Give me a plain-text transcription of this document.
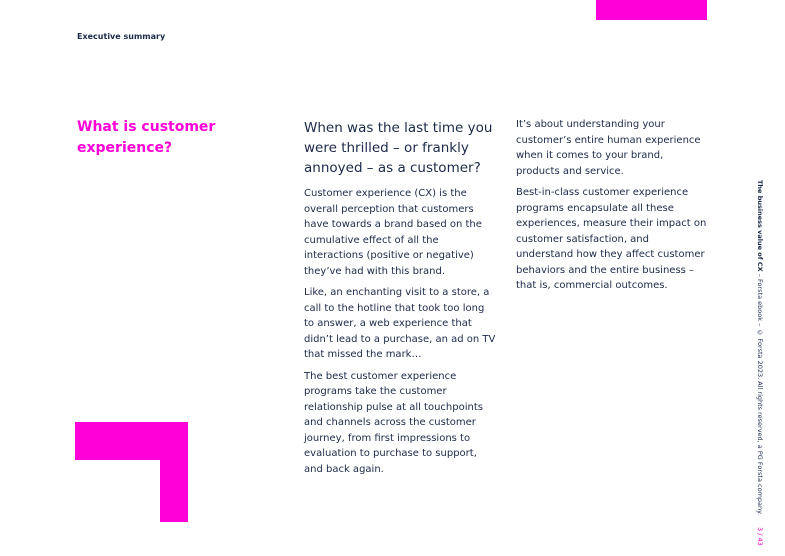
Executive summary
What is customer experience?

When was the last time you were thrilled – or frankly annoyed – as a customer?

Customer experience (CX) is the overall perception that customers have towards a brand based on the cumulative effect of all the interactions (positive or negative) they’ve had with this brand.

Like, an enchanting visit to a store, a call to the hotline that took too long to answer, a web experience that didn’t lead to a purchase, an ad on TV that missed the mark…

The best customer experience programs take the customer relationship pulse at all touchpoints and channels across the customer journey, from first impressions to evaluation to purchase to support, and back again.

It’s about understanding your customer’s entire human experience when it comes to your brand, products and service.

Best-in-class customer experience programs encapsulate all these experiences, measure their impact on customer satisfaction, and understand how they affect customer behaviors and the entire business – that is, commercial outcomes.

The business value of CX – Forsta ebook – © Forsta 2023. All rights reserved, a PG Forsta company. 3 / 43
